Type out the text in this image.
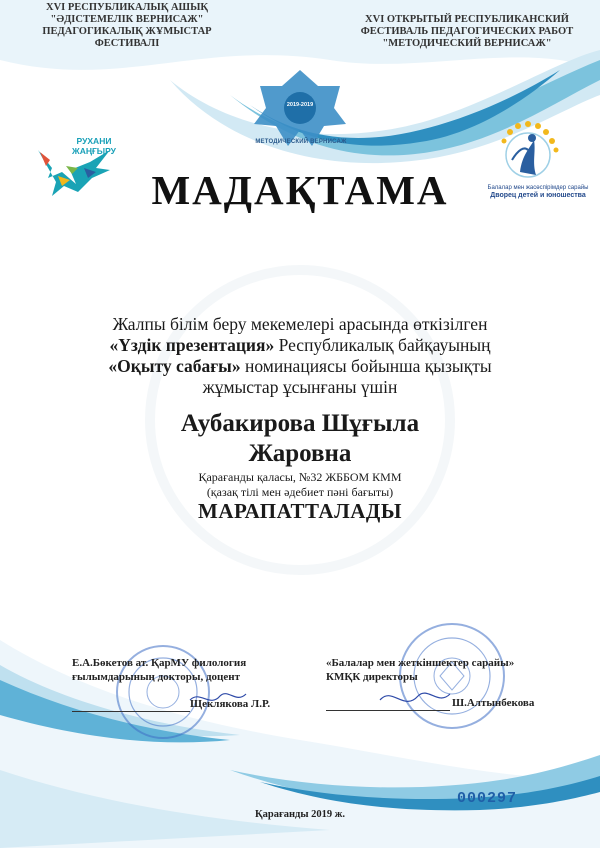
XVI РЕСПУБЛИКАЛЫҚ АШЫҚ
"ӘДІСТЕМЕЛІК ВЕРНИСАЖ"
ПЕДАГОГИКАЛЫҚ ЖҰМЫСТАР ФЕСТИВАЛІ
XVI ОТКРЫТЫЙ РЕСПУБЛИКАНСКИЙ
ФЕСТИВАЛЬ ПЕДАГОГИЧЕСКИХ РАБОТ
"МЕТОДИЧЕСКИЙ ВЕРНИСАЖ"
2019-2019
МЕТОДИЧЕСКИЙ ВЕРНИСАЖ
РУХАНИ
ЖАҢҒЫРУ
Балалар мен жасөспірімдер сарайы
Дворец детей и юношества
МАДАҚТАМА
Жалпы білім беру мекемелері арасында өткізілген
«Үздік презентация» Республикалық байқауының
«Оқыту сабағы» номинациясы бойынша қызықты
жұмыстар ұсынғаны үшін
Аубакирова Шұғыла
Жаровна
Қарағанды қаласы, №32 ЖББОМ КММ
(қазақ тілі мен әдебиет пәні бағыты)
МАРАПАТТАЛАДЫ
Е.А.Бөкетов ат. ҚарМУ филология
ғылымдарының докторы, доцент
Щеклякова Л.Р.
«Балалар мен жеткіншектер сарайы»
КМҚК директоры
Ш.Алтынбекова
000297
Қарағанды 2019 ж.
